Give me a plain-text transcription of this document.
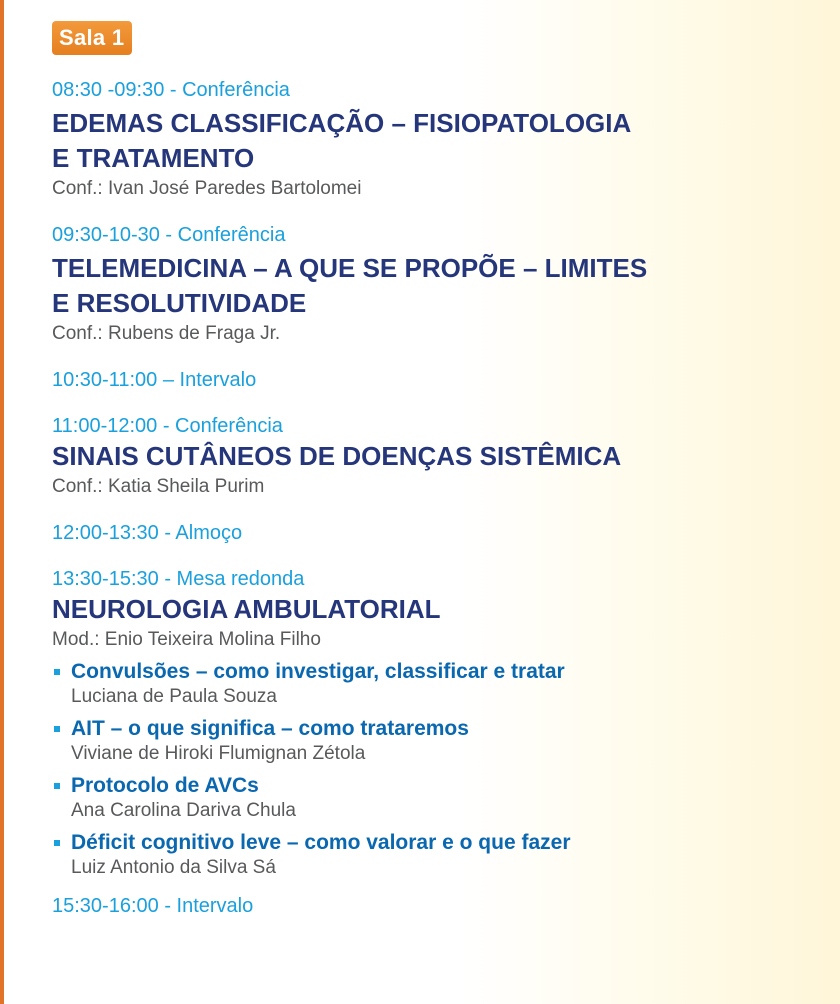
Sala 1
08:30 -09:30 - Conferência
EDEMAS CLASSIFICAÇÃO – FISIOPATOLOGIA
E TRATAMENTO
Conf.: Ivan José Paredes Bartolomei
09:30-10-30 - Conferência
TELEMEDICINA – A QUE SE PROPÕE – LIMITES
E RESOLUTIVIDADE
Conf.: Rubens de Fraga Jr.
10:30-11:00 – Intervalo
11:00-12:00 - Conferência
SINAIS CUTÂNEOS DE DOENÇAS SISTÊMICA
Conf.: Katia Sheila Purim
12:00-13:30 - Almoço
13:30-15:30 - Mesa redonda
NEUROLOGIA AMBULATORIAL
Mod.: Enio Teixeira Molina Filho
Convulsões – como investigar, classificar e tratar
Luciana de Paula Souza
AIT – o que significa – como trataremos
Viviane de Hiroki Flumignan Zétola
Protocolo de AVCs
Ana Carolina Dariva Chula
Déficit cognitivo leve – como valorar e o que fazer
Luiz Antonio da Silva Sá
15:30-16:00 - Intervalo
